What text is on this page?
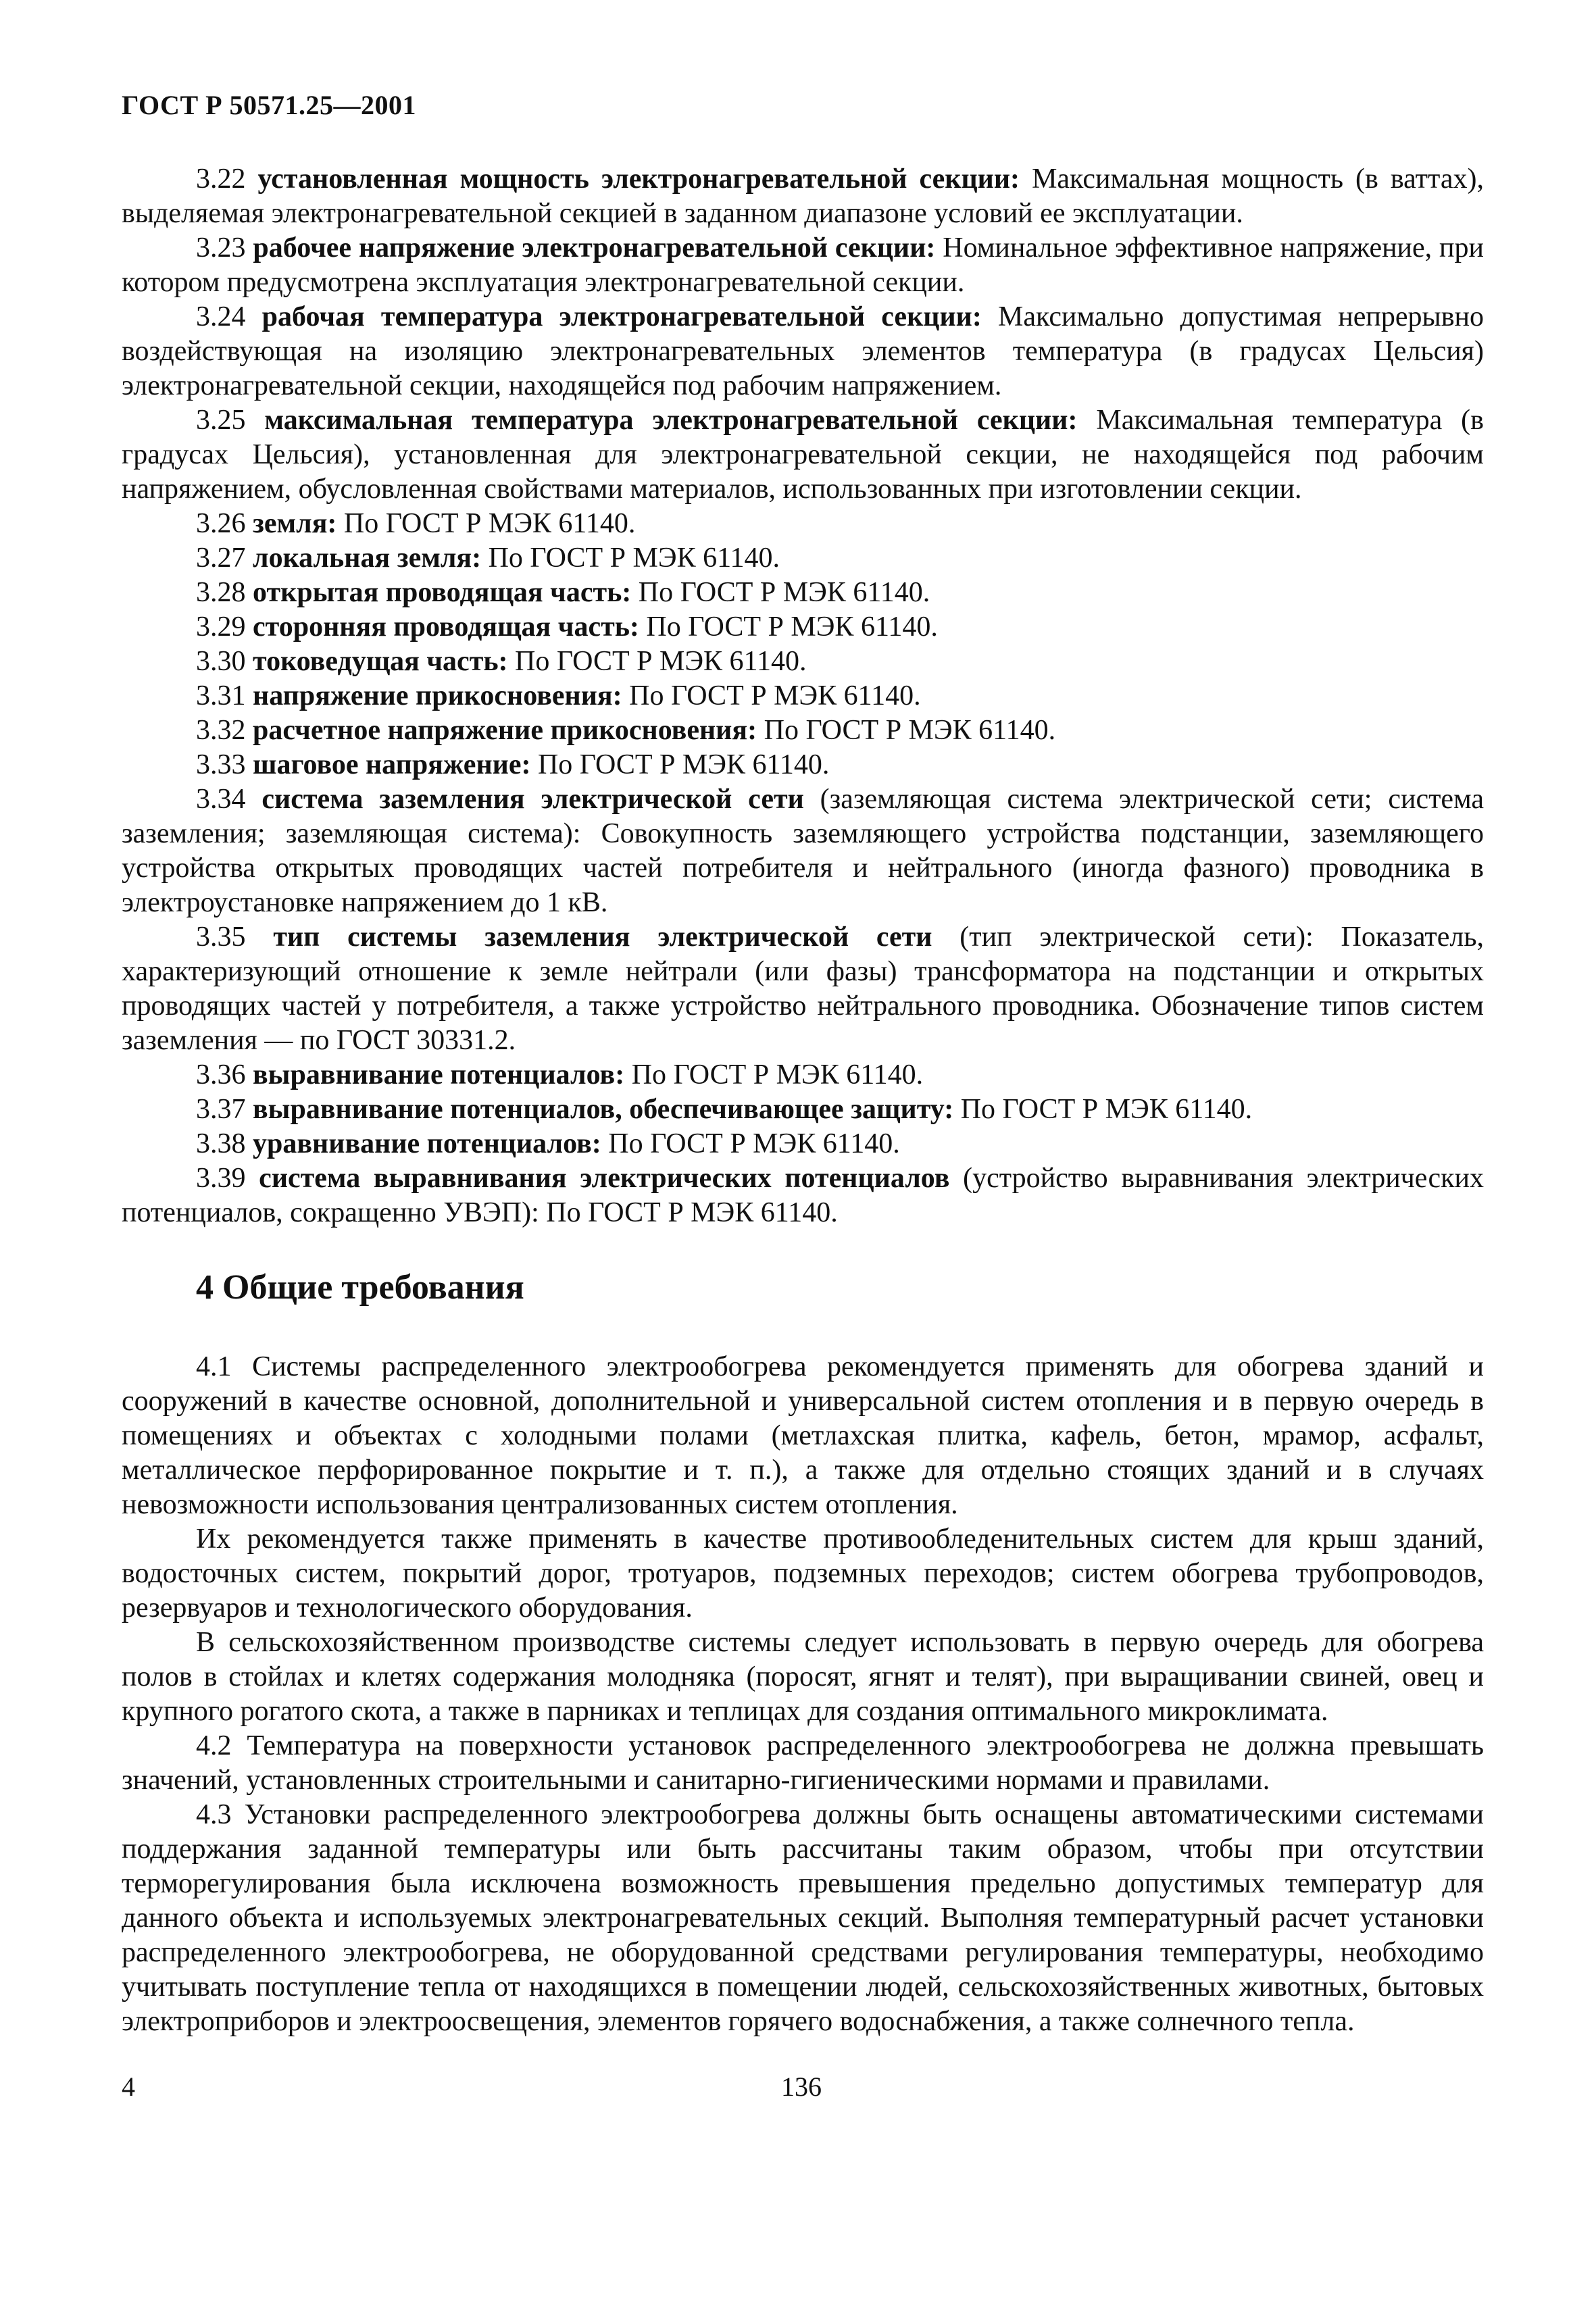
ГОСТ Р 50571.25—2001

3.22 установленная мощность электронагревательной секции: Максимальная мощность (в ваттах), выделяемая электронагревательной секцией в заданном диапазоне условий ее эксплуатации.

3.23 рабочее напряжение электронагревательной секции: Номинальное эффективное напряжение, при котором предусмотрена эксплуатация электронагревательной секции.

3.24 рабочая температура электронагревательной секции: Максимально допустимая непрерывно воздействующая на изоляцию электронагревательных элементов температура (в градусах Цельсия) электронагревательной секции, находящейся под рабочим напряжением.

3.25 максимальная температура электронагревательной секции: Максимальная температура (в градусах Цельсия), установленная для электронагревательной секции, не находящейся под рабочим напряжением, обусловленная свойствами материалов, использованных при изготовлении секции.

3.26 земля: По ГОСТ Р МЭК 61140.

3.27 локальная земля: По ГОСТ Р МЭК 61140.

3.28 открытая проводящая часть: По ГОСТ Р МЭК 61140.

3.29 сторонняя проводящая часть: По ГОСТ Р МЭК 61140.

3.30 токоведущая часть: По ГОСТ Р МЭК 61140.

3.31 напряжение прикосновения: По ГОСТ Р МЭК 61140.

3.32 расчетное напряжение прикосновения: По ГОСТ Р МЭК 61140.

3.33 шаговое напряжение: По ГОСТ Р МЭК 61140.

3.34 система заземления электрической сети (заземляющая система электрической сети; система заземления; заземляющая система): Совокупность заземляющего устройства подстанции, заземляющего устройства открытых проводящих частей потребителя и нейтрального (иногда фазного) проводника в электроустановке напряжением до 1 кВ.

3.35 тип системы заземления электрической сети (тип электрической сети): Показатель, характеризующий отношение к земле нейтрали (или фазы) трансформатора на подстанции и открытых проводящих частей у потребителя, а также устройство нейтрального проводника. Обозначение типов систем заземления — по ГОСТ 30331.2.

3.36 выравнивание потенциалов: По ГОСТ Р МЭК 61140.

3.37 выравнивание потенциалов, обеспечивающее защиту: По ГОСТ Р МЭК 61140.

3.38 уравнивание потенциалов: По ГОСТ Р МЭК 61140.

3.39 система выравнивания электрических потенциалов (устройство выравнивания электрических потенциалов, сокращенно УВЭП): По ГОСТ Р МЭК 61140.

4 Общие требования

4.1 Системы распределенного электрообогрева рекомендуется применять для обогрева зданий и сооружений в качестве основной, дополнительной и универсальной систем отопления и в первую очередь в помещениях и объектах с холодными полами (метлахская плитка, кафель, бетон, мрамор, асфальт, металлическое перфорированное покрытие и т. п.), а также для отдельно стоящих зданий и в случаях невозможности использования централизованных систем отопления.

Их рекомендуется также применять в качестве противообледенительных систем для крыш зданий, водосточных систем, покрытий дорог, тротуаров, подземных переходов; систем обогрева трубопроводов, резервуаров и технологического оборудования.

В сельскохозяйственном производстве системы следует использовать в первую очередь для обогрева полов в стойлах и клетях содержания молодняка (поросят, ягнят и телят), при выращивании свиней, овец и крупного рогатого скота, а также в парниках и теплицах для создания оптимального микроклимата.

4.2 Температура на поверхности установок распределенного электрообогрева не должна превышать значений, установленных строительными и санитарно-гигиеническими нормами и правилами.

4.3 Установки распределенного электрообогрева должны быть оснащены автоматическими системами поддержания заданной температуры или быть рассчитаны таким образом, чтобы при отсутствии терморегулирования была исключена возможность превышения предельно допустимых температур для данного объекта и используемых электронагревательных секций. Выполняя температурный расчет установки распределенного электрообогрева, не оборудованной средствами регулирования температуры, необходимо учитывать поступление тепла от находящихся в помещении людей, сельскохозяйственных животных, бытовых электроприборов и электроосвещения, элементов горячего водоснабжения, а также солнечного тепла.

4	136
